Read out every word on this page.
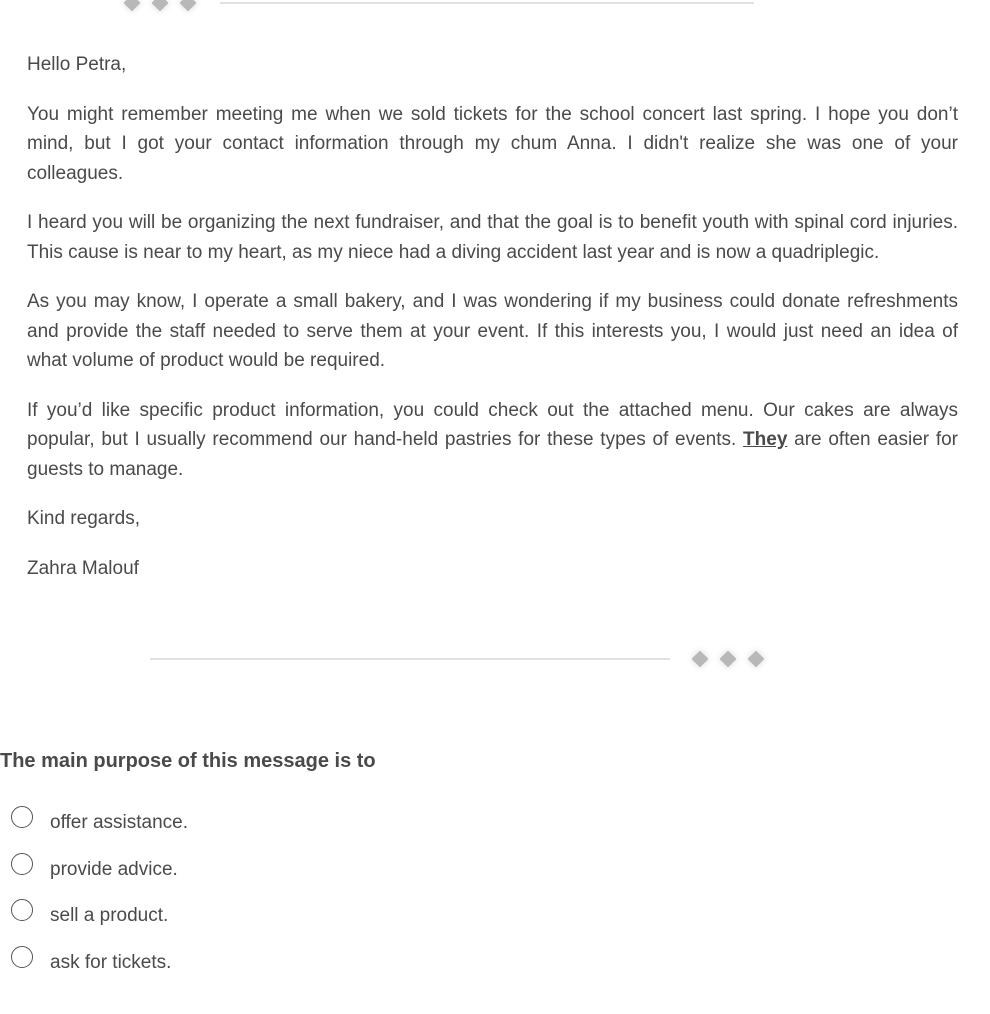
Hello Petra,

You might remember meeting me when we sold tickets for the school concert last spring. I hope you don’t mind, but I got your contact information through my chum Anna. I didn't realize she was one of your colleagues.

I heard you will be organizing the next fundraiser, and that the goal is to benefit youth with spinal cord injuries. This cause is near to my heart, as my niece had a diving accident last year and is now a quadriplegic.

As you may know, I operate a small bakery, and I was wondering if my business could donate refreshments and provide the staff needed to serve them at your event. If this interests you, I would just need an idea of what volume of product would be required.

If you’d like specific product information, you could check out the attached menu. Our cakes are always popular, but I usually recommend our hand-held pastries for these types of events. They are often easier for guests to manage.

Kind regards,

Zahra Malouf

The main purpose of this message is to
offer assistance.
provide advice.
sell a product.
ask for tickets.
